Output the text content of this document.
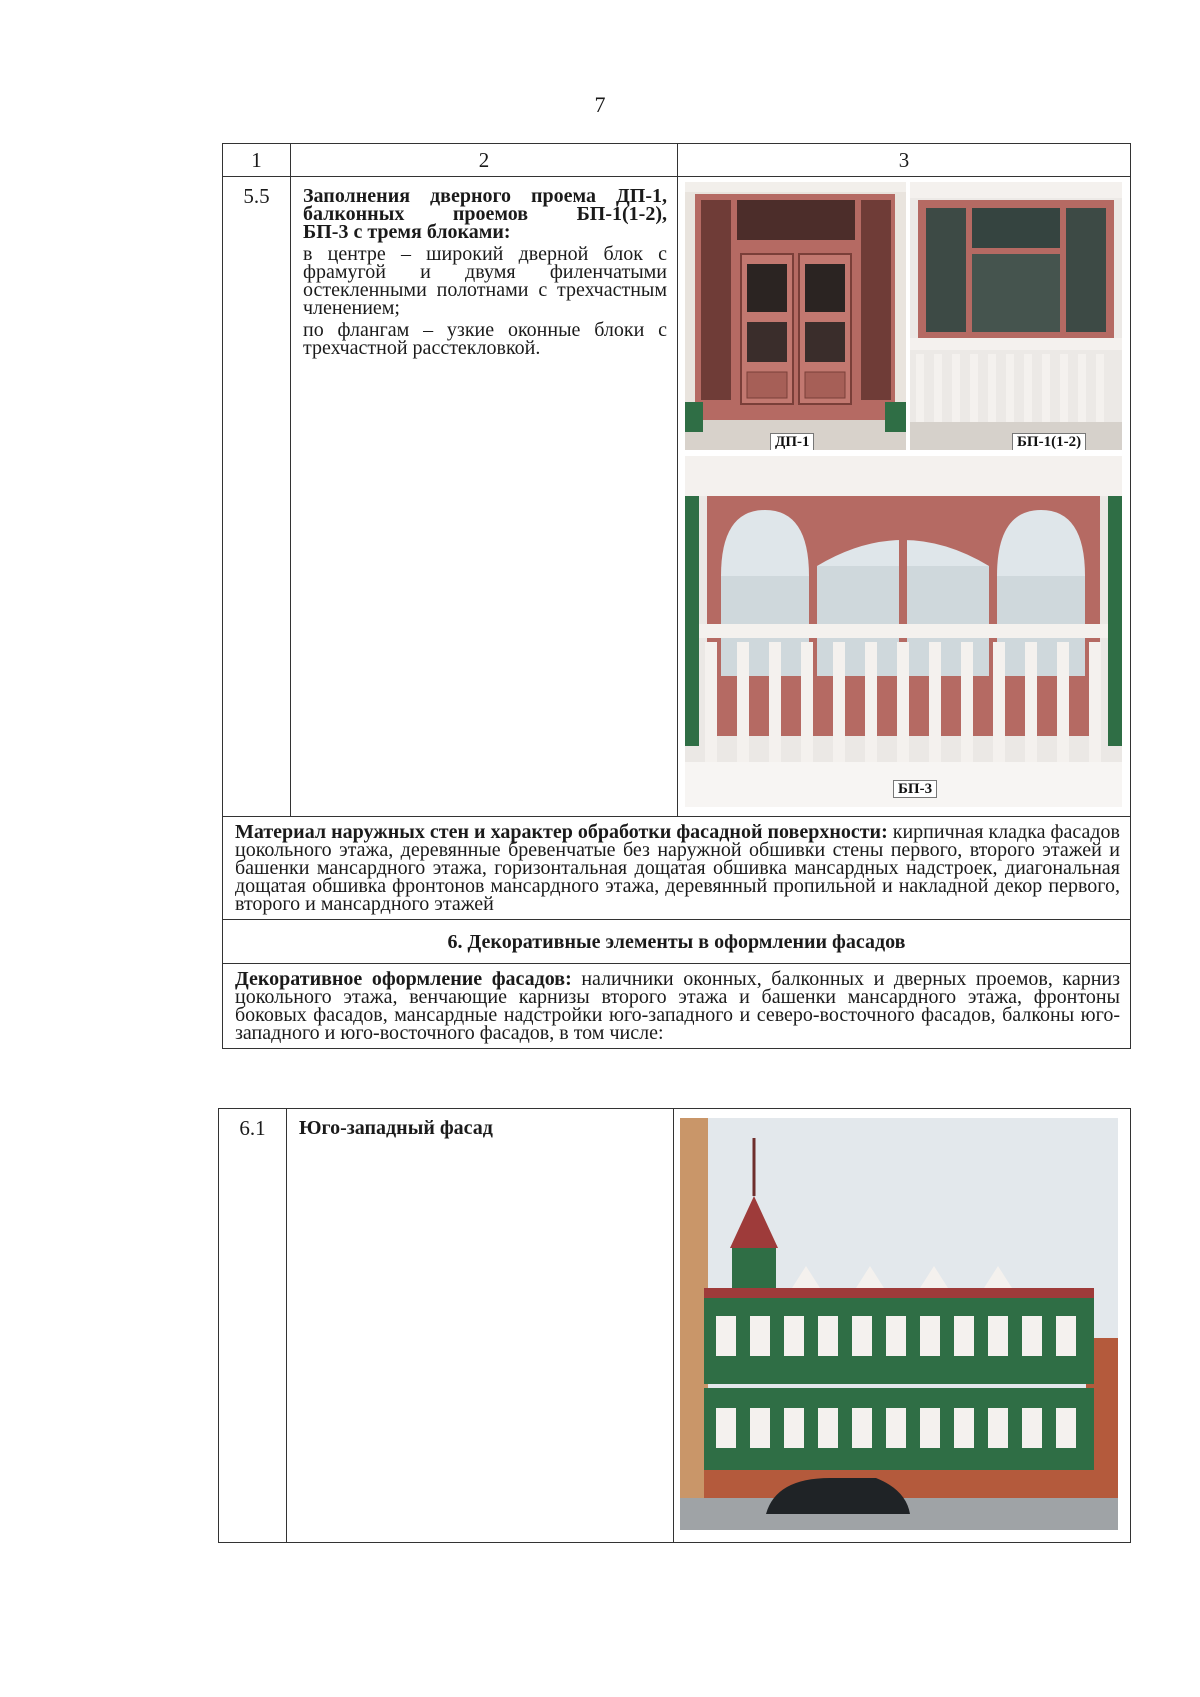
7
1	2	3
5.5	Заполнения дверного проема ДП-1,
балконных проемов БП-1(1-2),
БП-3 с тремя блоками:
в центре – широкий дверной блок с фрамугой и двумя филенчатыми остекленными полотнами с трехчастным членением;
по флангам – узкие оконные блоки с трехчастной расстекловкой.	

Материал наружных стен и характер обработки фасадной поверхности: кирпичная кладка фасадов цокольного этажа, деревянные бревенчатые без наружной обшивки стены первого, второго этажей и башенки мансардного этажа, горизонтальная дощатая обшивка мансардных надстроек, диагональная дощатая обшивка фронтонов мансардного этажа, деревянный пропильной и накладной декор первого, второго и мансардного этажей		
6. Декоративные элементы в оформлении фасадов		
Декоративное оформление фасадов: наличники оконных, балконных и дверных проемов, карниз цокольного этажа, венчающие карнизы второго этажа и башенки мансардного этажа, фронтоны боковых фасадов, мансардные надстройки юго-западного и северо-восточного фасадов, балконы юго-западного и юго-восточного фасадов, в том числе:		
6.1	Юго-западный фасад	
ДП-1	БП-1(1-2)
БП-3
